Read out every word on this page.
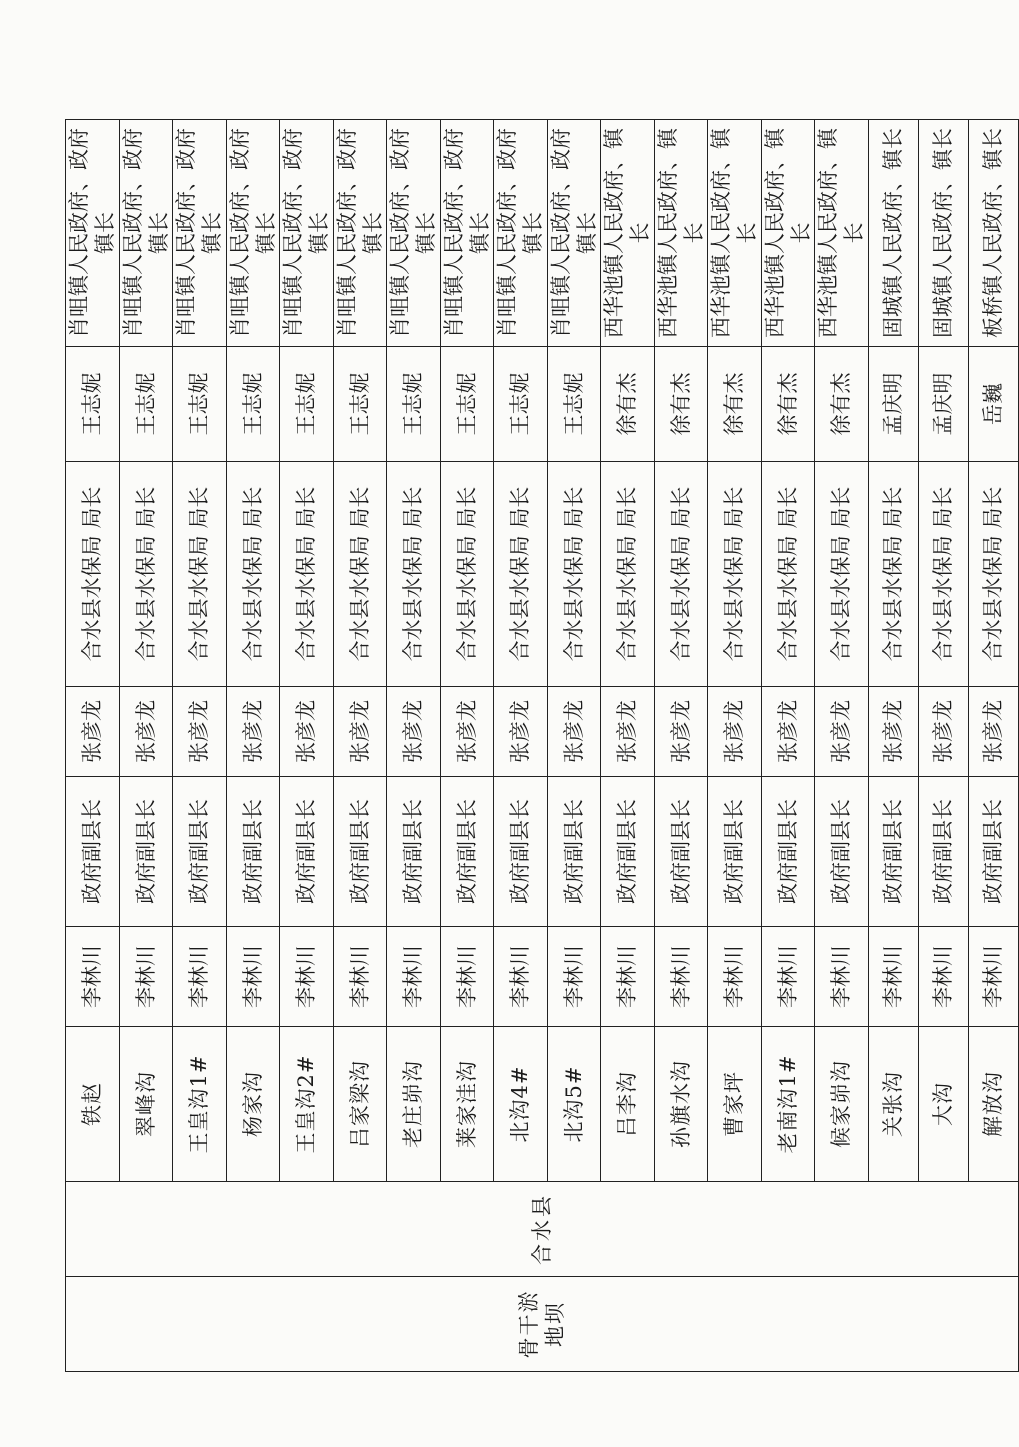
骨干淤地坝	合水县	铁赵	李林川	政府副县长	张彦龙	合水县水保局 局长	王志妮	肖咀镇人民政府、政府镇长
		翠峰沟	李林川	政府副县长	张彦龙	合水县水保局 局长	王志妮	肖咀镇人民政府、政府镇长
		王皇沟1#	李林川	政府副县长	张彦龙	合水县水保局 局长	王志妮	肖咀镇人民政府、政府镇长
		杨家沟	李林川	政府副县长	张彦龙	合水县水保局 局长	王志妮	肖咀镇人民政府、政府镇长
		王皇沟2#	李林川	政府副县长	张彦龙	合水县水保局 局长	王志妮	肖咀镇人民政府、政府镇长
		吕家梁沟	李林川	政府副县长	张彦龙	合水县水保局 局长	王志妮	肖咀镇人民政府、政府镇长
		老庄峁沟	李林川	政府副县长	张彦龙	合水县水保局 局长	王志妮	肖咀镇人民政府、政府镇长
		莱家洼沟	李林川	政府副县长	张彦龙	合水县水保局 局长	王志妮	肖咀镇人民政府、政府镇长
		北沟4#	李林川	政府副县长	张彦龙	合水县水保局 局长	王志妮	肖咀镇人民政府、政府镇长
		北沟5#	李林川	政府副县长	张彦龙	合水县水保局 局长	王志妮	肖咀镇人民政府、政府镇长
		吕李沟	李林川	政府副县长	张彦龙	合水县水保局 局长	徐有杰	西华池镇人民政府、镇长
		孙旗水沟	李林川	政府副县长	张彦龙	合水县水保局 局长	徐有杰	西华池镇人民政府、镇长
		曹家坪	李林川	政府副县长	张彦龙	合水县水保局 局长	徐有杰	西华池镇人民政府、镇长
		老南沟1#	李林川	政府副县长	张彦龙	合水县水保局 局长	徐有杰	西华池镇人民政府、镇长
		候家峁沟	李林川	政府副县长	张彦龙	合水县水保局 局长	徐有杰	西华池镇人民政府、镇长
		关张沟	李林川	政府副县长	张彦龙	合水县水保局 局长	孟庆明	固城镇人民政府、镇长
		大沟	李林川	政府副县长	张彦龙	合水县水保局 局长	孟庆明	固城镇人民政府、镇长
		解放沟	李林川	政府副县长	张彦龙	合水县水保局 局长	岳巍	板桥镇人民政府、镇长
